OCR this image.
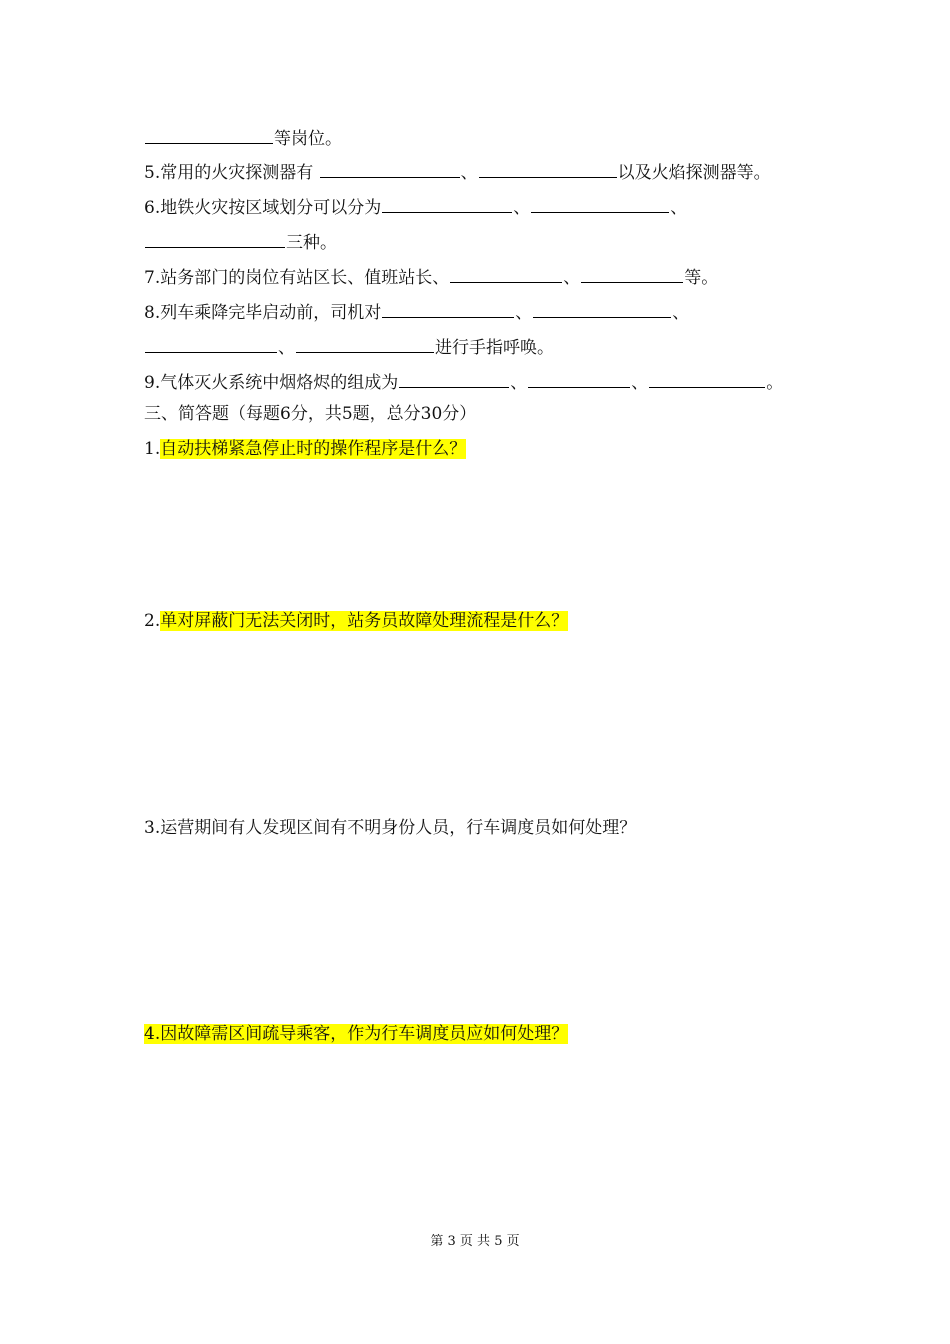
等岗位。
5.常用的火灾探测器有	、	以及火焰探测器等。
6.地铁火灾按区域划分可以分为	、	、
三种。
7.站务部门的岗位有站区长、值班站长、	、	等。
8.列车乘降完毕启动前，司机对	、	、
、	进行手指呼唤。
9.气体灭火系统中烟烙烬的组成为	、	、	。
三、简答题（每题6分，共5题，总分30分）
1.自动扶梯紧急停止时的操作程序是什么？
2.单对屏蔽门无法关闭时，站务员故障处理流程是什么？
3.运营期间有人发现区间有不明身份人员，行车调度员如何处理？
4.因故障需区间疏导乘客，作为行车调度员应如何处理？
第 3 页 共 5 页
